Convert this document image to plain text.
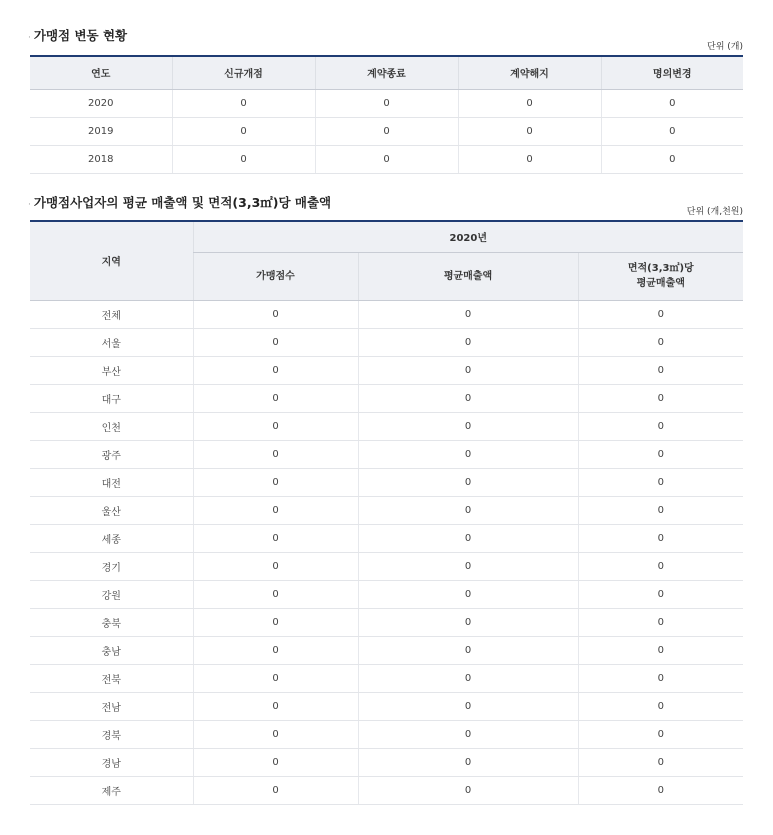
· 가맹점 변동 현황
단위 (개)
연도	신규개점	계약종료	계약해지	명의변경
2020	0	0	0	0
2019	0	0	0	0
2018	0	0	0	0
· 가맹점사업자의 평균 매출액 및 면적(3,3㎡)당 매출액
단위 (개,천원)
지역	2020년		
	가맹점수	평균매출액	면적(3,3㎡)당
평균매출액
전체	0	0	0
서울	0	0	0
부산	0	0	0
대구	0	0	0
인천	0	0	0
광주	0	0	0
대전	0	0	0
울산	0	0	0
세종	0	0	0
경기	0	0	0
강원	0	0	0
충북	0	0	0
충남	0	0	0
전북	0	0	0
전남	0	0	0
경북	0	0	0
경남	0	0	0
제주	0	0	0
